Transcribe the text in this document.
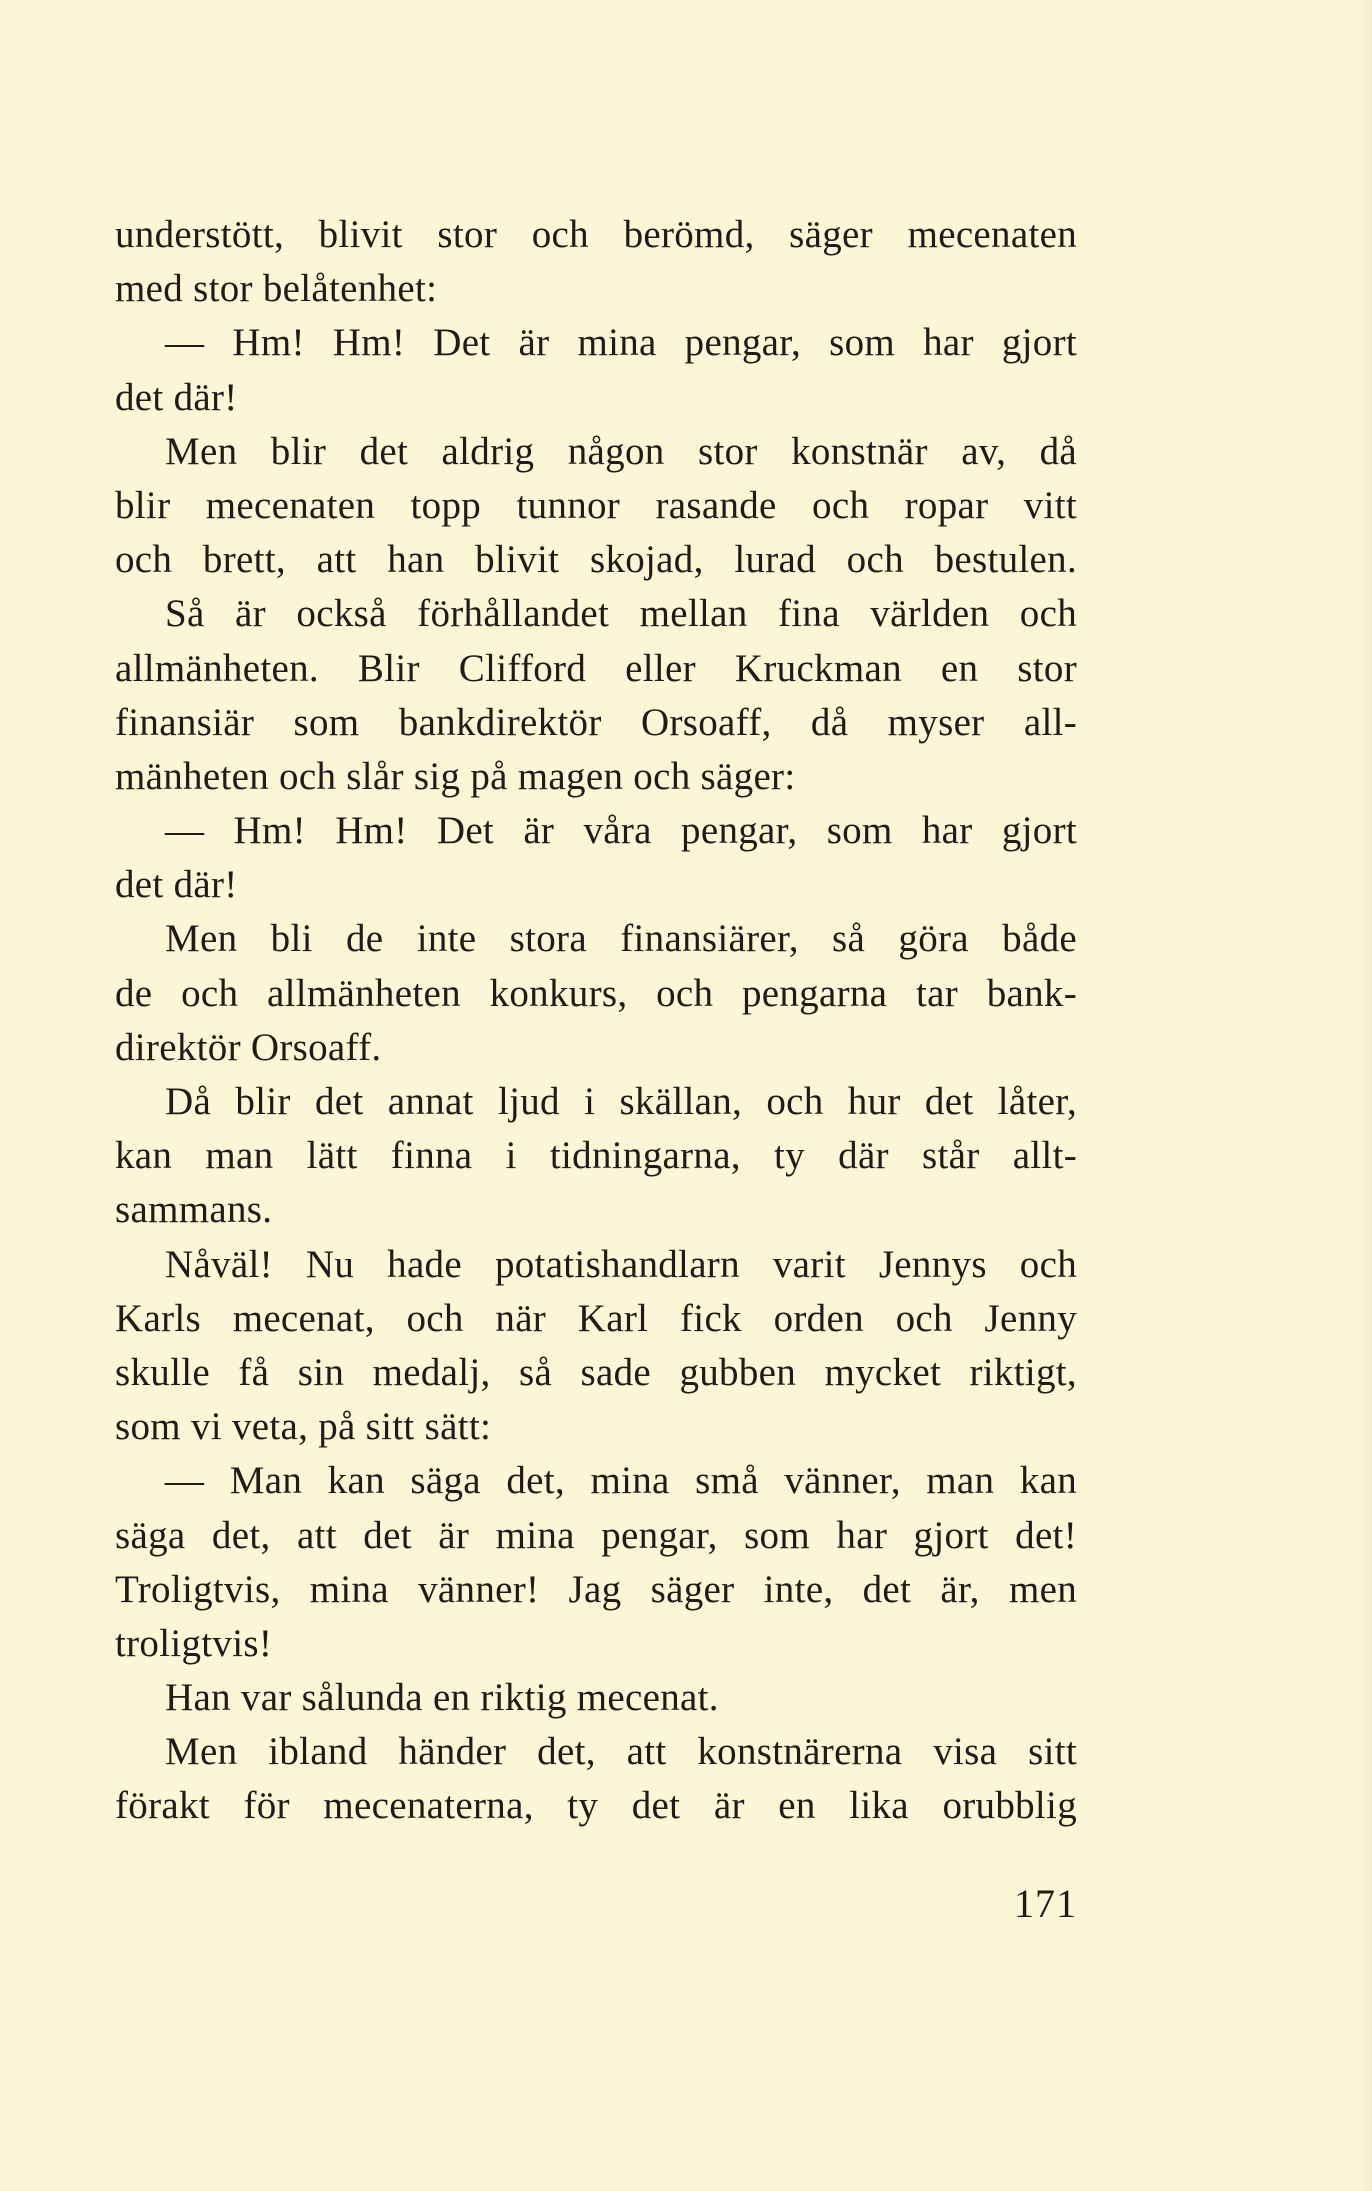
understött, blivit stor och berömd, säger mecenaten
med stor belåtenhet:
— Hm! Hm! Det är mina pengar, som har gjort
det där!
Men blir det aldrig någon stor konstnär av, då
blir mecenaten topp tunnor rasande och ropar vitt
och brett, att han blivit skojad, lurad och bestulen.
Så är också förhållandet mellan fina världen och
allmänheten. Blir Clifford eller Kruckman en stor
finansiär som bankdirektör Orsoaff, då myser all-
mänheten och slår sig på magen och säger:
— Hm! Hm! Det är våra pengar, som har gjort
det där!
Men bli de inte stora finansiärer, så göra både
de och allmänheten konkurs, och pengarna tar bank-
direktör Orsoaff.
Då blir det annat ljud i skällan, och hur det låter,
kan man lätt finna i tidningarna, ty där står allt-
sammans.
Nåväl! Nu hade potatishandlarn varit Jennys och
Karls mecenat, och när Karl fick orden och Jenny
skulle få sin medalj, så sade gubben mycket riktigt,
som vi veta, på sitt sätt:
— Man kan säga det, mina små vänner, man kan
säga det, att det är mina pengar, som har gjort det!
Troligtvis, mina vänner! Jag säger inte, det är, men
troligtvis!
Han var sålunda en riktig mecenat.
Men ibland händer det, att konstnärerna visa sitt
förakt för mecenaterna, ty det är en lika orubblig
171
